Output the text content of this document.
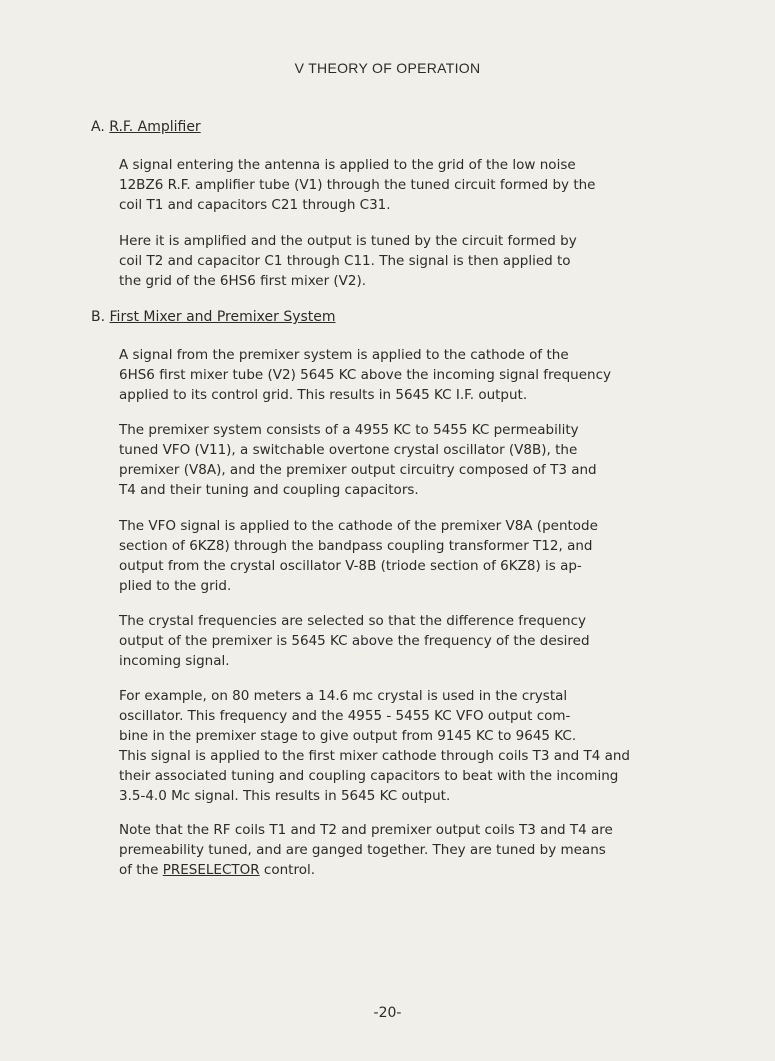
V THEORY OF OPERATION
A. R.F. Amplifier

A signal entering the antenna is applied to the grid of the low noise
12BZ6 R.F. amplifier tube (V1) through the tuned circuit formed by the
coil T1 and capacitors C21 through C31.

Here it is amplified and the output is tuned by the circuit formed by
coil T2 and capacitor C1 through C11. The signal is then applied to
the grid of the 6HS6 first mixer (V2).

B. First Mixer and Premixer System

A signal from the premixer system is applied to the cathode of the
6HS6 first mixer tube (V2) 5645 KC above the incoming signal frequency
applied to its control grid. This results in 5645 KC I.F. output.

The premixer system consists of a 4955 KC to 5455 KC permeability
tuned VFO (V11), a switchable overtone crystal oscillator (V8B), the
premixer (V8A), and the premixer output circuitry composed of T3 and
T4 and their tuning and coupling capacitors.

The VFO signal is applied to the cathode of the premixer V8A (pentode
section of 6KZ8) through the bandpass coupling transformer T12, and
output from the crystal oscillator V-8B (triode section of 6KZ8) is ap-
plied to the grid.

The crystal frequencies are selected so that the difference frequency
output of the premixer is 5645 KC above the frequency of the desired
incoming signal.

For example, on 80 meters a 14.6 mc crystal is used in the crystal
oscillator. This frequency and the 4955 - 5455 KC VFO output com-
bine in the premixer stage to give output from 9145 KC to 9645 KC.
This signal is applied to the first mixer cathode through coils T3 and T4 and
their associated tuning and coupling capacitors to beat with the incoming
3.5-4.0 Mc signal. This results in 5645 KC output.

Note that the RF coils T1 and T2 and premixer output coils T3 and T4 are
premeability tuned, and are ganged together. They are tuned by means
of the PRESELECTOR control.

-20-
